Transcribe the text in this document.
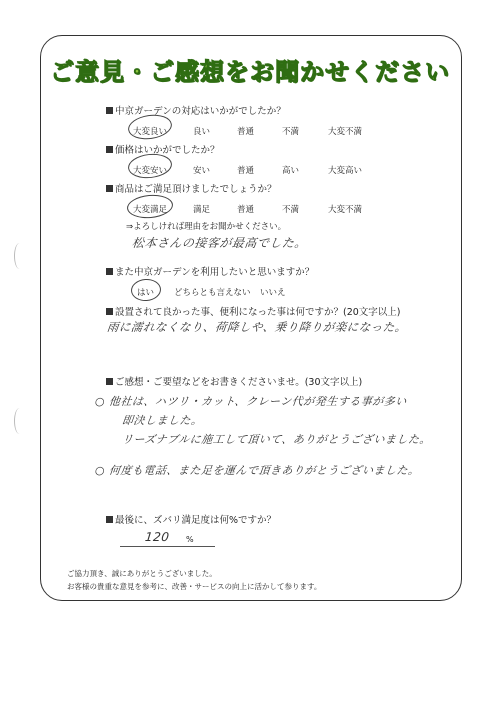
ご意見・ご感想をお聞かせください
中京ガーデンの対応はいかがでしたか？
大変良い	良い	普通	不満	大変不満
価格はいかがでしたか？
大変安い	安い	普通	高い	大変高い
商品はご満足頂けましたでしょうか？
大変満足	満足	普通	不満	大変不満
⇒よろしければ理由をお聞かせください。
松本さんの接客が最高でした。
また中京ガーデンを利用したいと思いますか？
はい どちらとも言えない いいえ
設置されて良かった事、便利になった事は何ですか？(20文字以上)
雨に濡れなくなり、荷降しや、乗り降りが楽になった。
ご感想・ご要望などをお書きくださいませ。(30文字以上)
○ 他社は、ハツリ・カット、クレーン代が発生する事が多い
即決しました。
リーズナブルに施工して頂いて、ありがとうございました。
○ 何度も電話、また足を運んで頂きありがとうございました。
最後に、ズバリ満足度は何%ですか？
120 %
ご協力頂き、誠にありがとうございました。
お客様の貴重な意見を参考に、改善・サービスの向上に活かして参ります。
